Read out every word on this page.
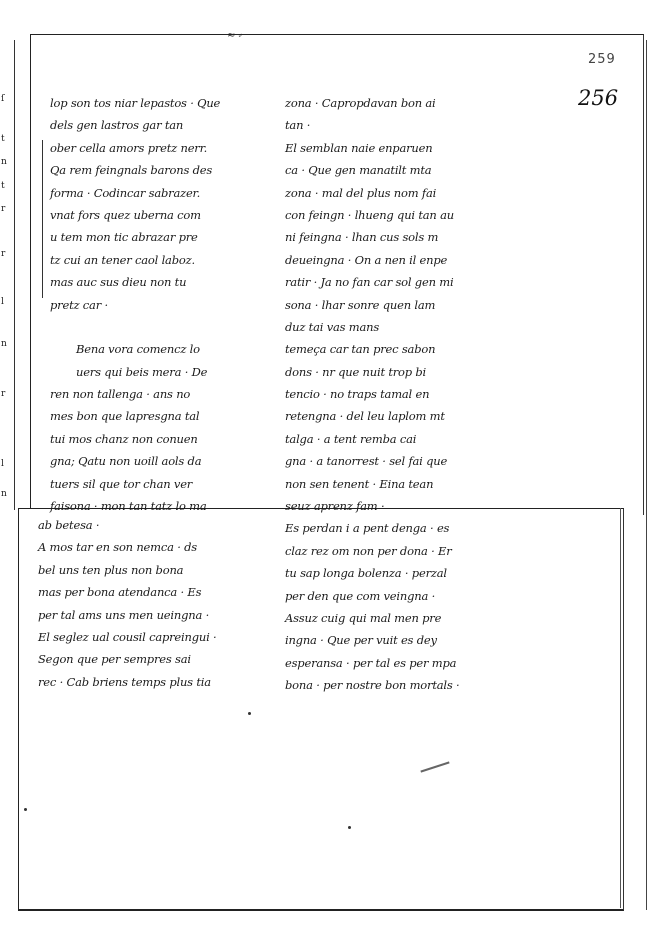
ſ
t
n
t
r
r
l
n
r
l
n
≈ ⸗
259
256
lop son tos niar lepastos · Que
dels gen lastros gar tan
ober cella amors pretz nerr.
Qa rem feingnals barons des
forma · Codincar sabrazer.
vnat fors quez uberna com
u tem mon tic abrazar pre
tz cui an tener caol laboz.
mas auc sus dieu non tu
pretz car ·
Bena vora comencz lo
uers qui beis mera · De
ren non tallenga · ans no
mes bon que lapresgna tal
tui mos chanz non conuen
gna; Qatu non uoill aols da
tuers sil que tor chan ver
faisona · mon tan tatz lo ma
ab betesa ·
A mos tar en son nemca · ds
bel uns ten plus non bona
mas per bona atendanca · Es
per tal ams uns men ueingna ·
El seglez ual cousil capreingui ·
Segon que per sempres sai
rec · Cab briens temps plus tia
zona · Capropdavan bon ai
tan ·
El semblan naie enparuen
ca · Que gen manatilt mta
zona · mal del plus nom fai
con feingn · lhueng qui tan au
ni feingna · lhan cus sols m
deueingna · On a nen il enpe
ratir · Ja no fan car sol gen mi
sona · lhar sonre quen lam
duz tai vas mans
temeça car tan prec sabon
dons · nr que nuit trop bi
tencio · no traps tamal en
retengna · del leu laplom mt
talga · a tent remba cai
gna · a tanorrest · sel fai que
non sen tenent · Eina tean
seuz aprenz fam ·
Es perdan i a pent denga · es
claz rez om non per dona · Er
tu sap longa bolenza · perzal
per den que com veingna ·
Assuz cuig qui mal men pre
ingna · Que per vuit es dey
esperansa · per tal es per mpa
bona · per nostre bon mortals ·
